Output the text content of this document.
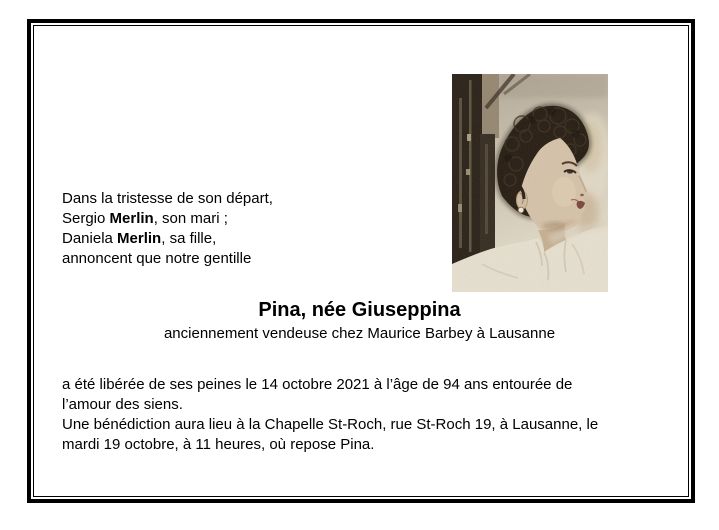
Dans la tristesse de son départ,
Sergio Merlin, son mari ;
Daniela Merlin, sa fille,
annoncent que notre gentille
Pina, née Giuseppina
anciennement vendeuse chez Maurice Barbey à Lausanne
a été libérée de ses peines le 14 octobre 2021 à l’âge de 94 ans entourée de
l’amour des siens.
Une bénédiction aura lieu à la Chapelle St-Roch, rue St-Roch 19, à Lausanne, le
mardi 19 octobre, à 11 heures, où repose Pina.
